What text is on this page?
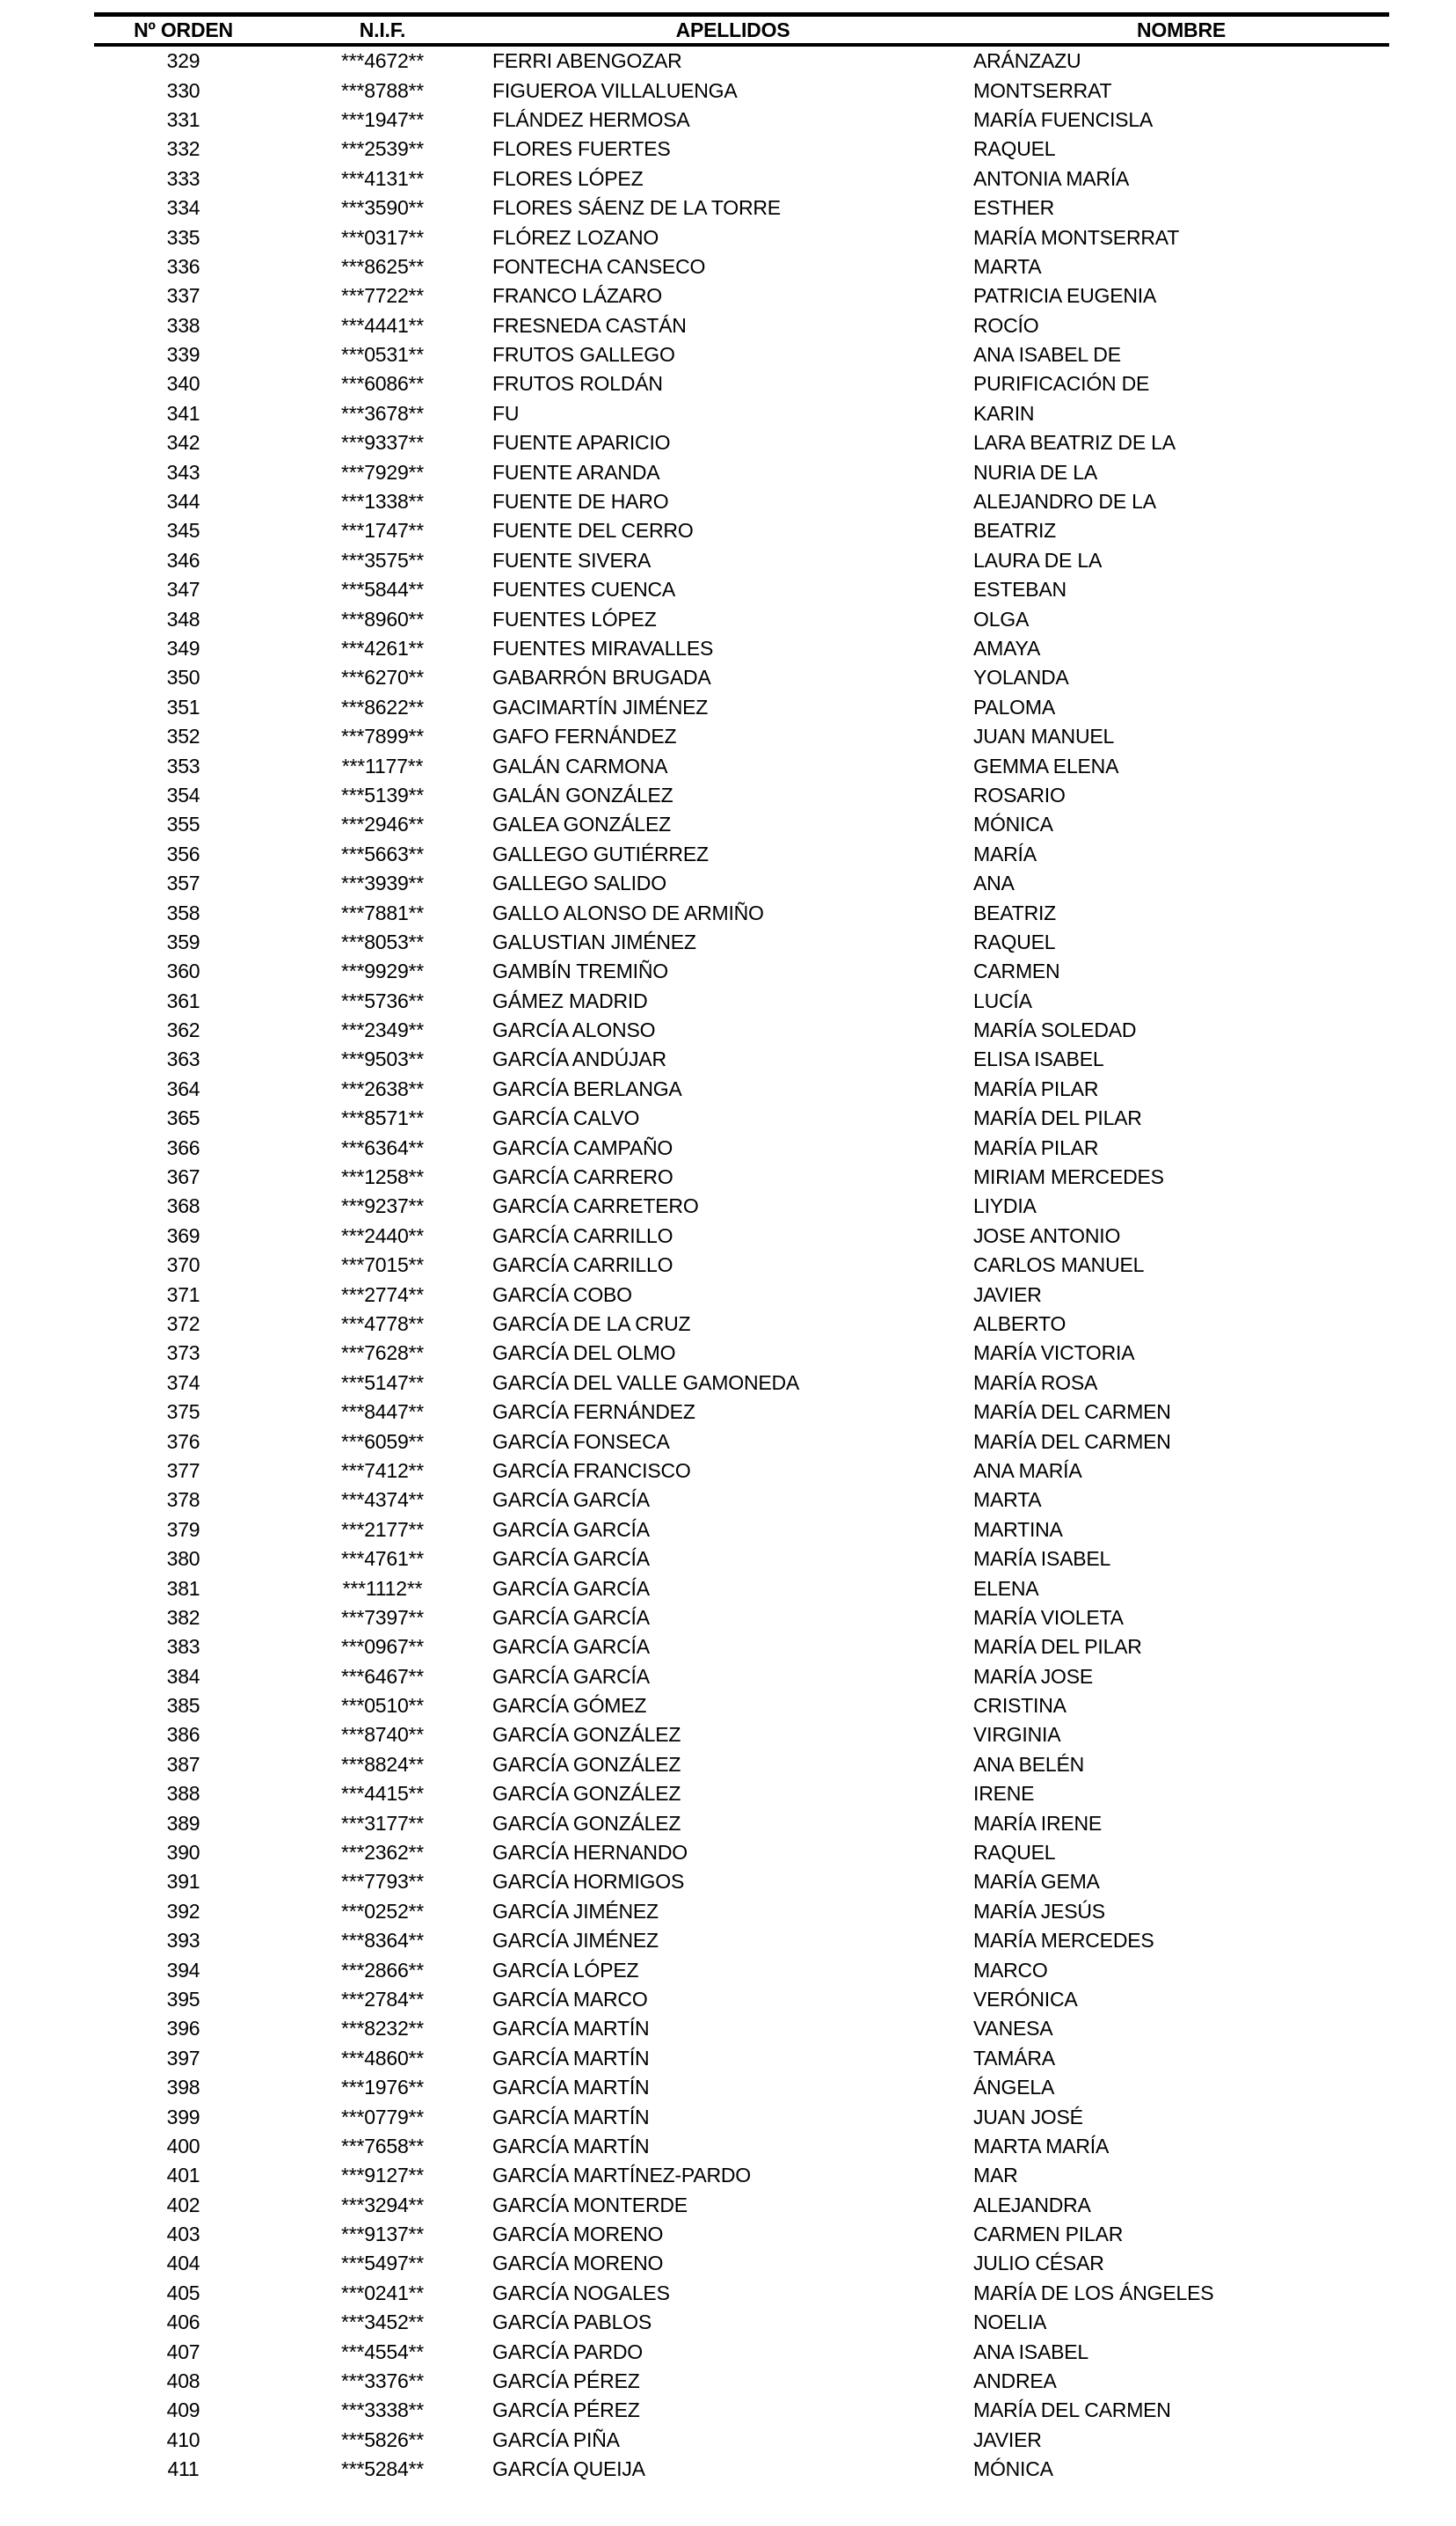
Nº ORDEN	N.I.F.	APELLIDOS	NOMBRE
329	***4672**	FERRI ABENGOZAR	ARÁNZAZU
330	***8788**	FIGUEROA VILLALUENGA	MONTSERRAT
331	***1947**	FLÁNDEZ HERMOSA	MARÍA FUENCISLA
332	***2539**	FLORES FUERTES	RAQUEL
333	***4131**	FLORES LÓPEZ	ANTONIA MARÍA
334	***3590**	FLORES SÁENZ DE LA TORRE	ESTHER
335	***0317**	FLÓREZ LOZANO	MARÍA MONTSERRAT
336	***8625**	FONTECHA CANSECO	MARTA
337	***7722**	FRANCO LÁZARO	PATRICIA EUGENIA
338	***4441**	FRESNEDA CASTÁN	ROCÍO
339	***0531**	FRUTOS GALLEGO	ANA ISABEL DE
340	***6086**	FRUTOS ROLDÁN	PURIFICACIÓN DE
341	***3678**	FU	KARIN
342	***9337**	FUENTE APARICIO	LARA BEATRIZ DE LA
343	***7929**	FUENTE ARANDA	NURIA DE LA
344	***1338**	FUENTE DE HARO	ALEJANDRO DE LA
345	***1747**	FUENTE DEL CERRO	BEATRIZ
346	***3575**	FUENTE SIVERA	LAURA DE LA
347	***5844**	FUENTES CUENCA	ESTEBAN
348	***8960**	FUENTES LÓPEZ	OLGA
349	***4261**	FUENTES MIRAVALLES	AMAYA
350	***6270**	GABARRÓN BRUGADA	YOLANDA
351	***8622**	GACIMARTÍN JIMÉNEZ	PALOMA
352	***7899**	GAFO FERNÁNDEZ	JUAN MANUEL
353	***1177**	GALÁN CARMONA	GEMMA ELENA
354	***5139**	GALÁN GONZÁLEZ	ROSARIO
355	***2946**	GALEA GONZÁLEZ	MÓNICA
356	***5663**	GALLEGO GUTIÉRREZ	MARÍA
357	***3939**	GALLEGO SALIDO	ANA
358	***7881**	GALLO ALONSO DE ARMIÑO	BEATRIZ
359	***8053**	GALUSTIAN JIMÉNEZ	RAQUEL
360	***9929**	GAMBÍN TREMIÑO	CARMEN
361	***5736**	GÁMEZ MADRID	LUCÍA
362	***2349**	GARCÍA ALONSO	MARÍA SOLEDAD
363	***9503**	GARCÍA ANDÚJAR	ELISA ISABEL
364	***2638**	GARCÍA BERLANGA	MARÍA PILAR
365	***8571**	GARCÍA CALVO	MARÍA DEL PILAR
366	***6364**	GARCÍA CAMPAÑO	MARÍA PILAR
367	***1258**	GARCÍA CARRERO	MIRIAM MERCEDES
368	***9237**	GARCÍA CARRETERO	LIYDIA
369	***2440**	GARCÍA CARRILLO	JOSE ANTONIO
370	***7015**	GARCÍA CARRILLO	CARLOS MANUEL
371	***2774**	GARCÍA COBO	JAVIER
372	***4778**	GARCÍA DE LA CRUZ	ALBERTO
373	***7628**	GARCÍA DEL OLMO	MARÍA VICTORIA
374	***5147**	GARCÍA DEL VALLE GAMONEDA	MARÍA ROSA
375	***8447**	GARCÍA FERNÁNDEZ	MARÍA DEL CARMEN
376	***6059**	GARCÍA FONSECA	MARÍA DEL CARMEN
377	***7412**	GARCÍA FRANCISCO	ANA MARÍA
378	***4374**	GARCÍA GARCÍA	MARTA
379	***2177**	GARCÍA GARCÍA	MARTINA
380	***4761**	GARCÍA GARCÍA	MARÍA ISABEL
381	***1112**	GARCÍA GARCÍA	ELENA
382	***7397**	GARCÍA GARCÍA	MARÍA VIOLETA
383	***0967**	GARCÍA GARCÍA	MARÍA DEL PILAR
384	***6467**	GARCÍA GARCÍA	MARÍA JOSE
385	***0510**	GARCÍA GÓMEZ	CRISTINA
386	***8740**	GARCÍA GONZÁLEZ	VIRGINIA
387	***8824**	GARCÍA GONZÁLEZ	ANA BELÉN
388	***4415**	GARCÍA GONZÁLEZ	IRENE
389	***3177**	GARCÍA GONZÁLEZ	MARÍA IRENE
390	***2362**	GARCÍA HERNANDO	RAQUEL
391	***7793**	GARCÍA HORMIGOS	MARÍA GEMA
392	***0252**	GARCÍA JIMÉNEZ	MARÍA JESÚS
393	***8364**	GARCÍA JIMÉNEZ	MARÍA MERCEDES
394	***2866**	GARCÍA LÓPEZ	MARCO
395	***2784**	GARCÍA MARCO	VERÓNICA
396	***8232**	GARCÍA MARTÍN	VANESA
397	***4860**	GARCÍA MARTÍN	TAMÁRA
398	***1976**	GARCÍA MARTÍN	ÁNGELA
399	***0779**	GARCÍA MARTÍN	JUAN JOSÉ
400	***7658**	GARCÍA MARTÍN	MARTA MARÍA
401	***9127**	GARCÍA MARTÍNEZ-PARDO	MAR
402	***3294**	GARCÍA MONTERDE	ALEJANDRA
403	***9137**	GARCÍA MORENO	CARMEN PILAR
404	***5497**	GARCÍA MORENO	JULIO CÉSAR
405	***0241**	GARCÍA NOGALES	MARÍA DE LOS ÁNGELES
406	***3452**	GARCÍA PABLOS	NOELIA
407	***4554**	GARCÍA PARDO	ANA ISABEL
408	***3376**	GARCÍA PÉREZ	ANDREA
409	***3338**	GARCÍA PÉREZ	MARÍA DEL CARMEN
410	***5826**	GARCÍA PIÑA	JAVIER
411	***5284**	GARCÍA QUEIJA	MÓNICA
